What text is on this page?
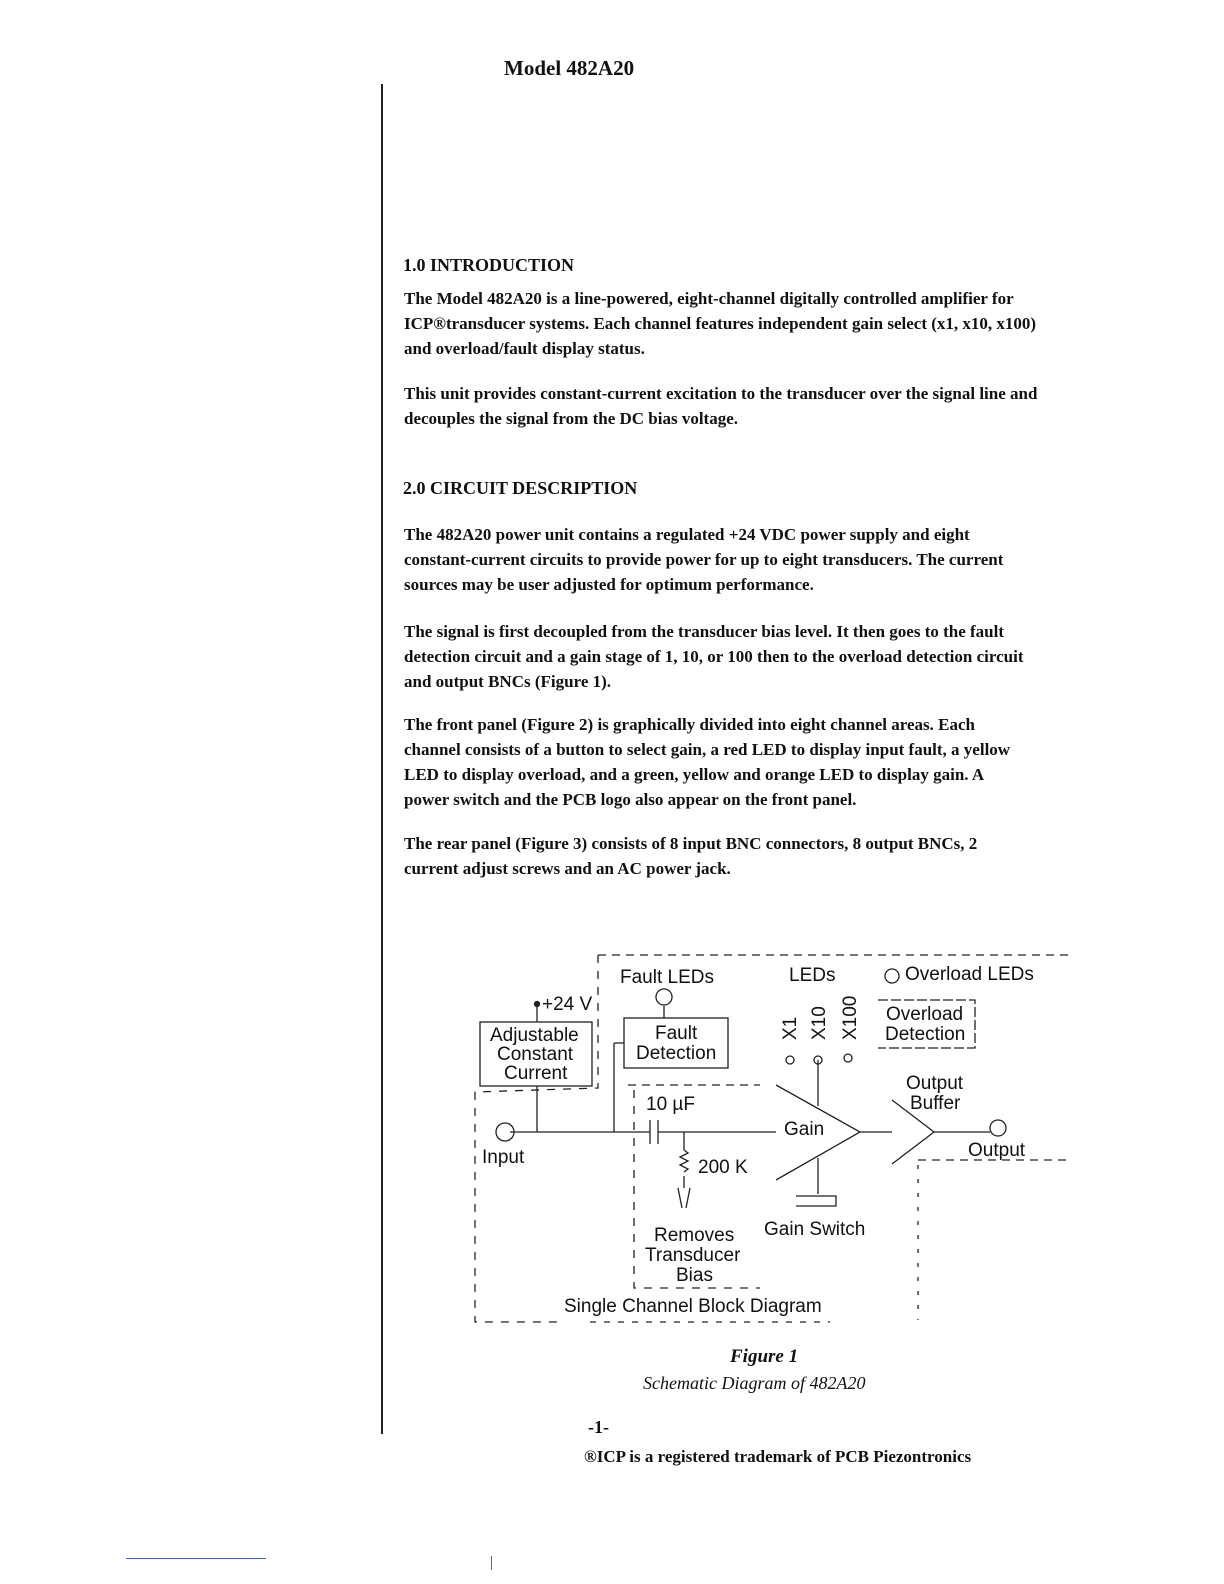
Model 482A20
1.0 INTRODUCTION
The Model 482A20 is a line-powered, eight-channel digitally controlled amplifier for
ICP®transducer systems. Each channel features independent gain select (x1, x10, x100)
and overload/fault display status.
This unit provides constant-current excitation to the transducer over the signal line and
decouples the signal from the DC bias voltage.
2.0 CIRCUIT DESCRIPTION
The 482A20 power unit contains a regulated +24 VDC power supply and eight
constant-current circuits to provide power for up to eight transducers. The current
sources may be user adjusted for optimum performance.
The signal is first decoupled from the transducer bias level. It then goes to the fault
detection circuit and a gain stage of 1, 10, or 100 then to the overload detection circuit
and output BNCs (Figure 1).
The front panel (Figure 2) is graphically divided into eight channel areas. Each
channel consists of a button to select gain, a red LED to display input fault, a yellow
LED to display overload, and a green, yellow and orange LED to display gain. A
power switch and the PCB logo also appear on the front panel.
The rear panel (Figure 3) consists of 8 input BNC connectors, 8 output BNCs, 2
current adjust screws and an AC power jack.
Fault LEDs	LEDs	Overload LEDs
+24 V
Adjustable
Constant
Current
Fault
Detection
Overload
Detection
Output
Buffer
10 µF
Gain
Input	Output
200 K
Gain Switch
Removes
Transducer
Bias
Single Channel Block Diagram
X1 X10 X100
Figure 1
Schematic Diagram of 482A20
-1-
®ICP is a registered trademark of PCB Piezontronics
